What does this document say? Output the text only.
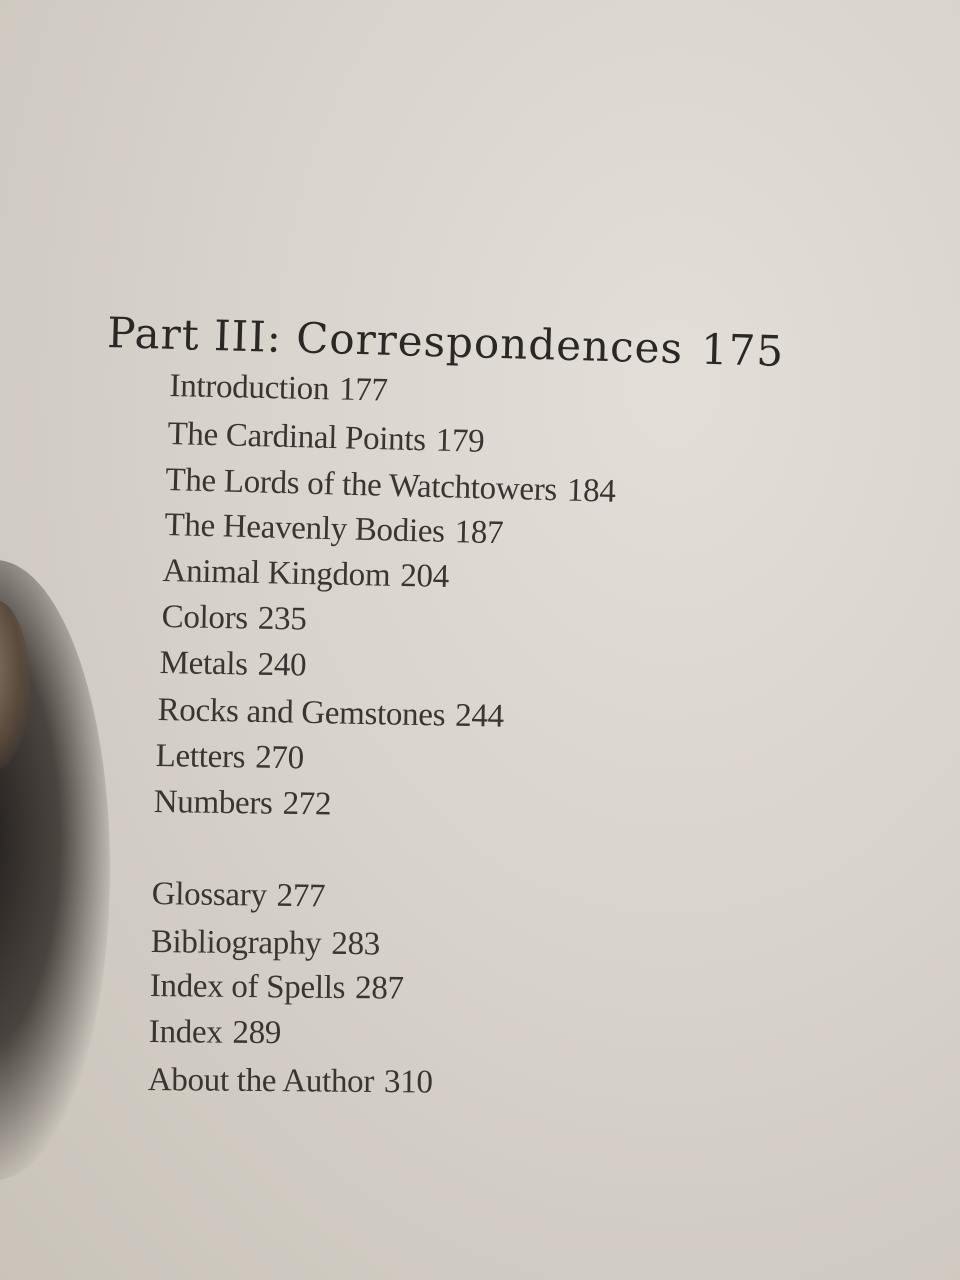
Part III: Correspondences 175
Introduction 177
The Cardinal Points 179
The Lords of the Watchtowers 184
The Heavenly Bodies 187
Animal Kingdom 204
Colors 235
Metals 240
Rocks and Gemstones 244
Letters 270
Numbers 272
Glossary 277
Bibliography 283
Index of Spells 287
Index 289
About the Author 310
